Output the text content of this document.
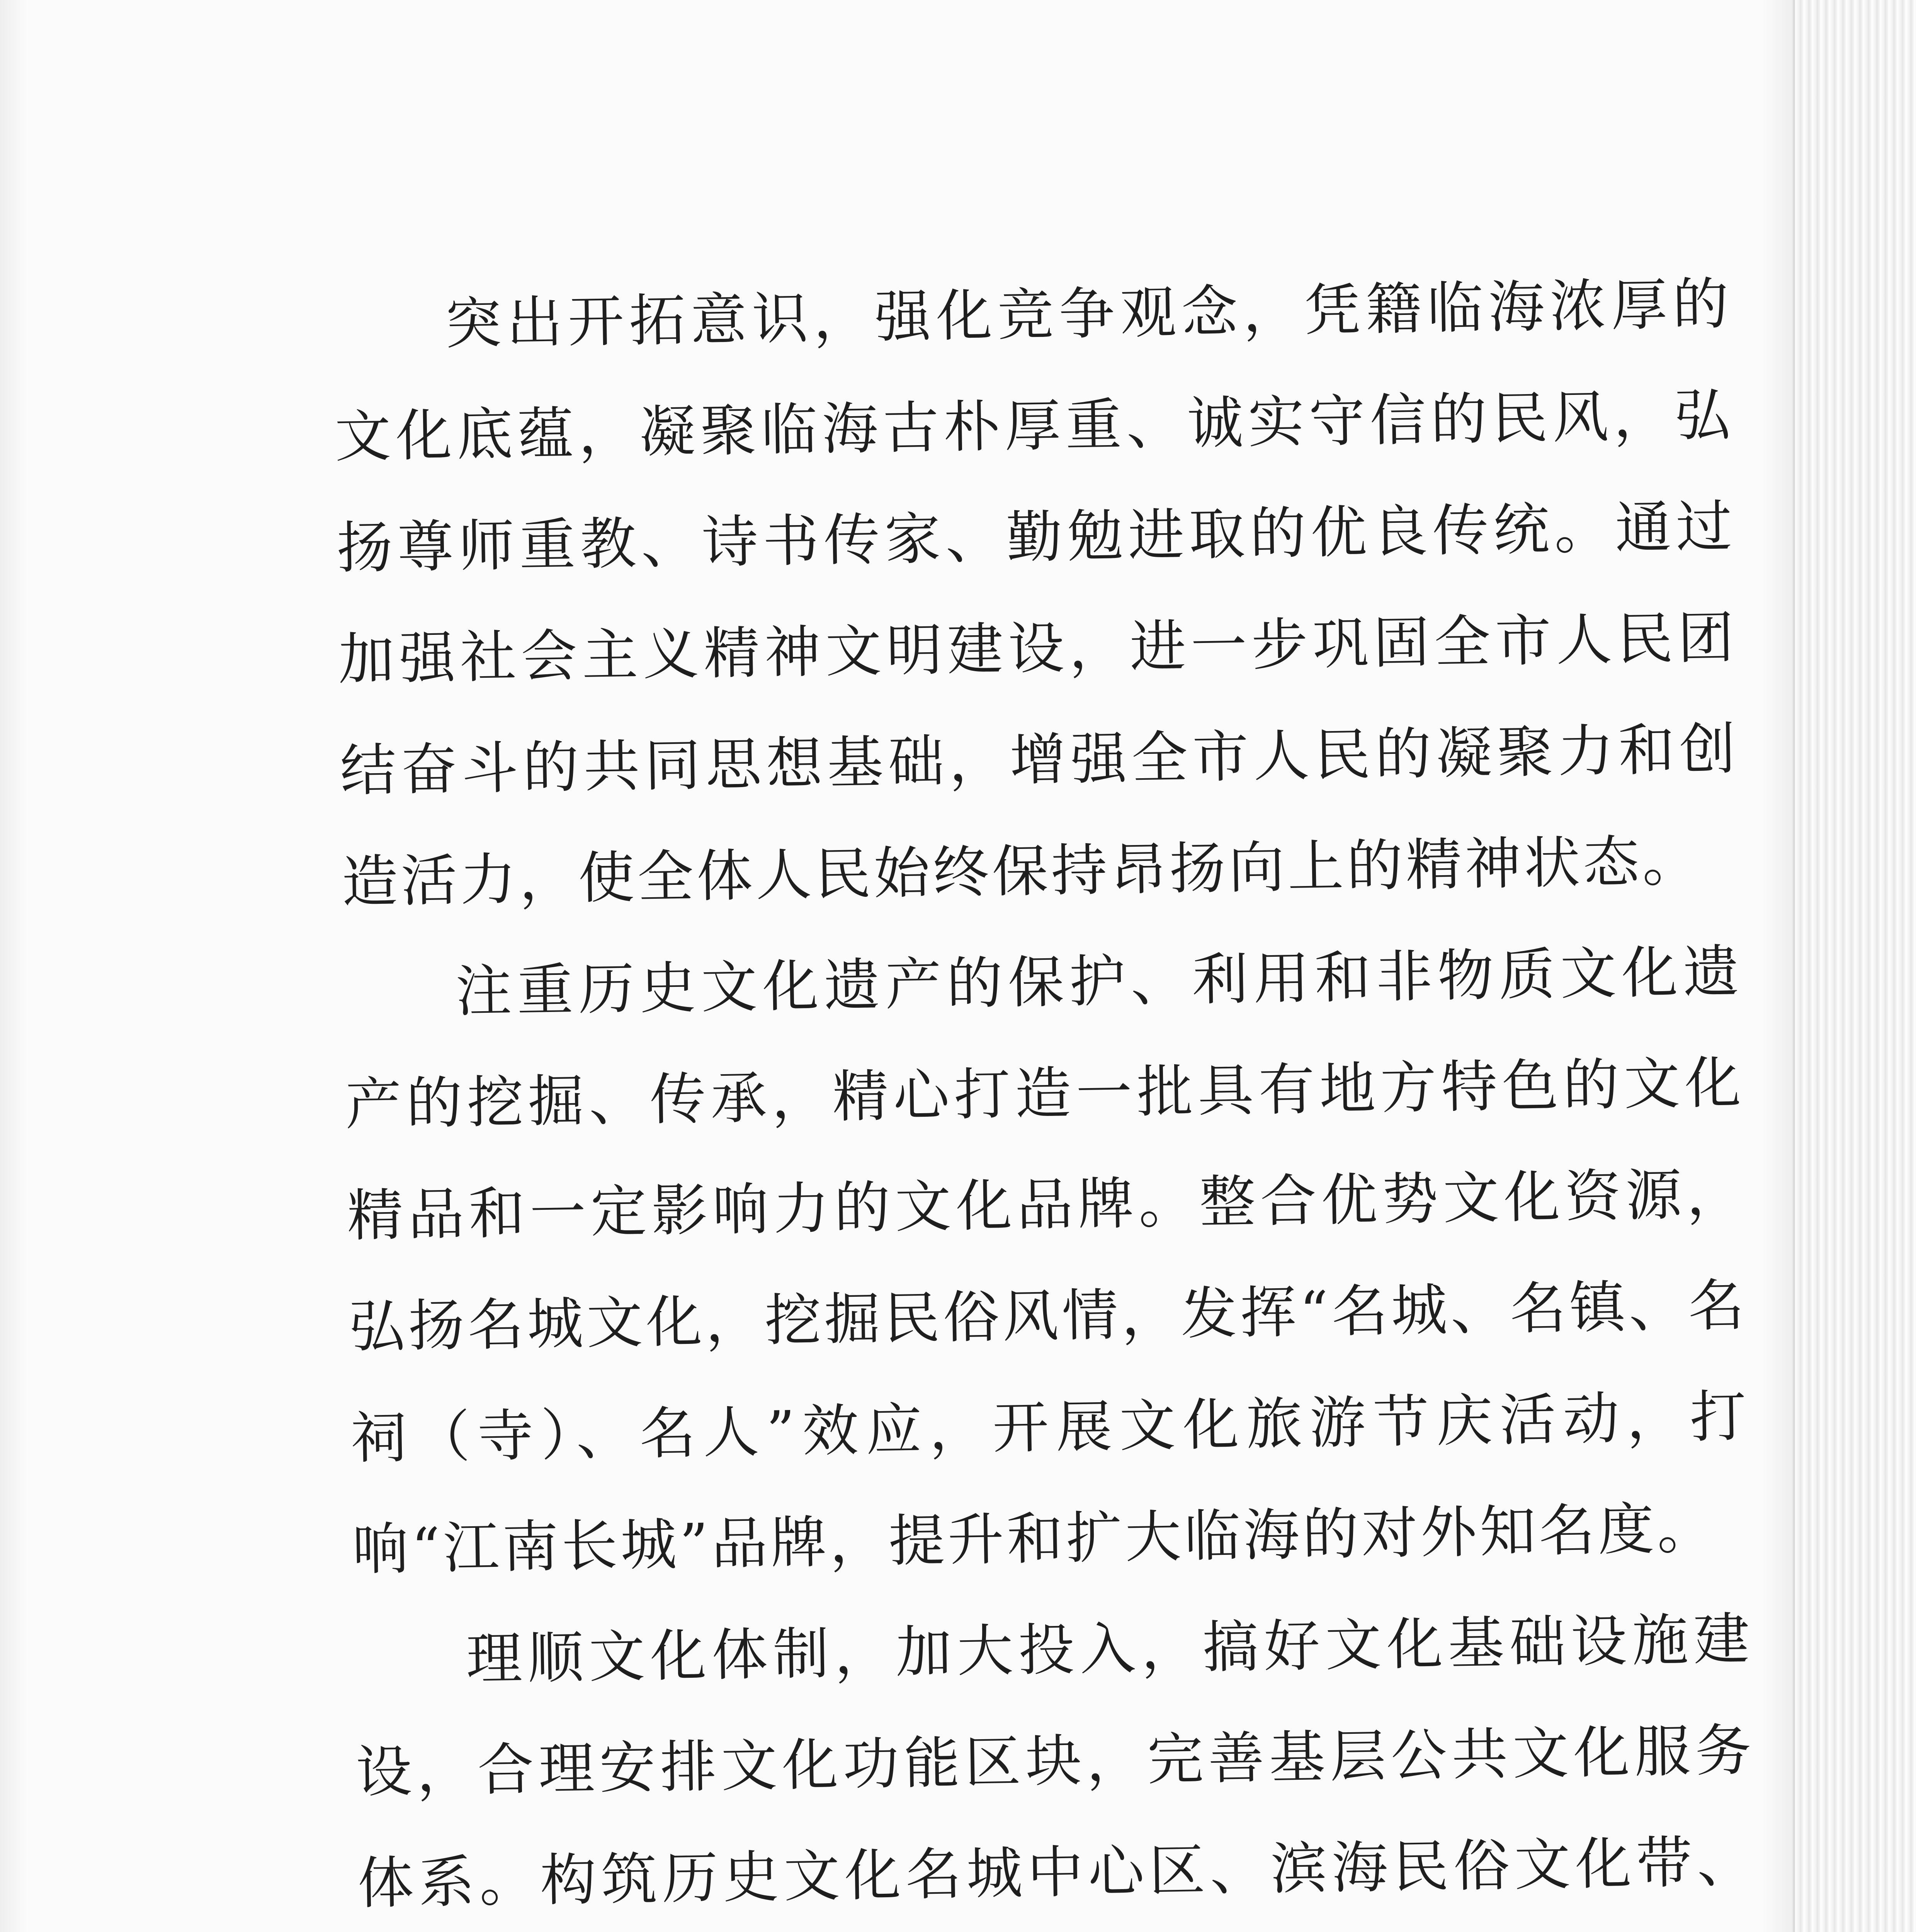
突出开拓意识，强化竞争观念，凭籍临海浓厚的文化底蕴，凝聚临海古朴厚重、诚实守信的民风，弘扬尊师重教、诗书传家、勤勉进取的优良传统。通过加强社会主义精神文明建设，进一步巩固全市人民团结奋斗的共同思想基础，增强全市人民的凝聚力和创造活力，使全体人民始终保持昂扬向上的精神状态。

注重历史文化遗产的保护、利用和非物质文化遗产的挖掘、传承，精心打造一批具有地方特色的文化精品和一定影响力的文化品牌。整合优势文化资源，弘扬名城文化，挖掘民俗风情，发挥“名城、名镇、名祠（寺）、名人”效应，开展文化旅游节庆活动，打响“江南长城”品牌，提升和扩大临海的对外知名度。

理顺文化体制，加大投入，搞好文化基础设施建设，合理安排文化功能区块，完善基层公共文化服务体系。构筑历史文化名城中心区、滨海民俗文化带、西部生态文化带、沿江水域文化带，使之成为特色鲜明、功能互补的文化区域。建设各具特色的社区文化、企业文化、校园文化、庭园文化、广场文化等，保障人民的文化供给，满足人民的文化需求，促进人民文化素质全面提高。
